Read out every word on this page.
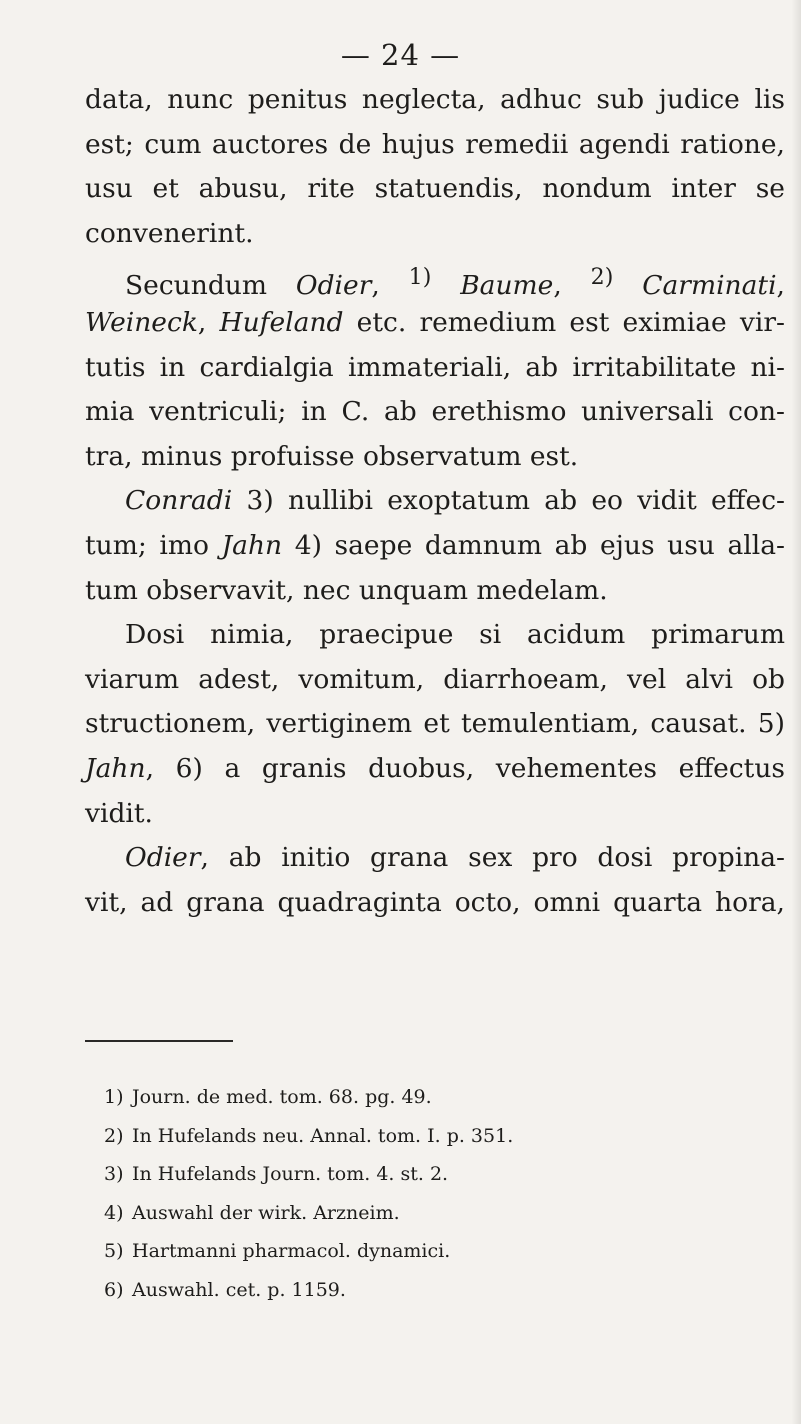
— 24 —
data, nunc penitus neglecta, adhuc sub judice lis
est; cum auctores de hujus remedii agendi ratione,
usu et abusu, rite statuendis, nondum inter se
convenerint.
Secundum Odier, $^{1)}$ Baume, $^{2)}$ Carminati,
Weineck, Hufeland etc. remedium est eximiae vir-
tutis in cardialgia immateriali, ab irritabilitate ni-
mia ventriculi; in C. ab erethismo universali con-
tra, minus profuisse observatum est.
Conradi 3) nullibi exoptatum ab eo vidit effec-
tum; imo Jahn 4) saepe damnum ab ejus usu alla-
tum observavit, nec unquam medelam.
Dosi nimia, praecipue si acidum primarum
viarum adest, vomitum, diarrhoeam, vel alvi ob
structionem, vertiginem et temulentiam, causat. 5)
Jahn, 6) a granis duobus, vehementes effectus
vidit.
Odier, ab initio grana sex pro dosi propina-
vit, ad grana quadraginta octo, omni quarta hora,
1) Journ. de med. tom. 68. pg. 49.
2) In Hufelands neu. Annal. tom. I. p. 351.
3) In Hufelands Journ. tom. 4. st. 2.
4) Auswahl der wirk. Arzneim.
5) Hartmanni pharmacol. dynamici.
6) Auswahl. cet. p. 1159.
